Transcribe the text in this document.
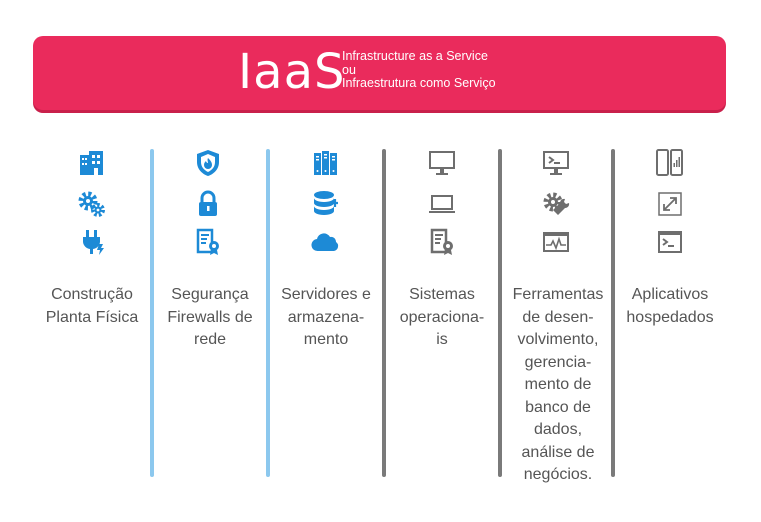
IaaS
Infrastructure as a Service
ou
Infraestrutura como Serviço
Construção
Planta Física
Segurança
Firewalls de
rede
Servidores e
armazena-
mento
Sistemas
operaciona-
is
Ferramentas
de desen-
volvimento,
gerencia-
mento de
banco de
dados,
análise de
negócios.
Aplicativos
hospedados
